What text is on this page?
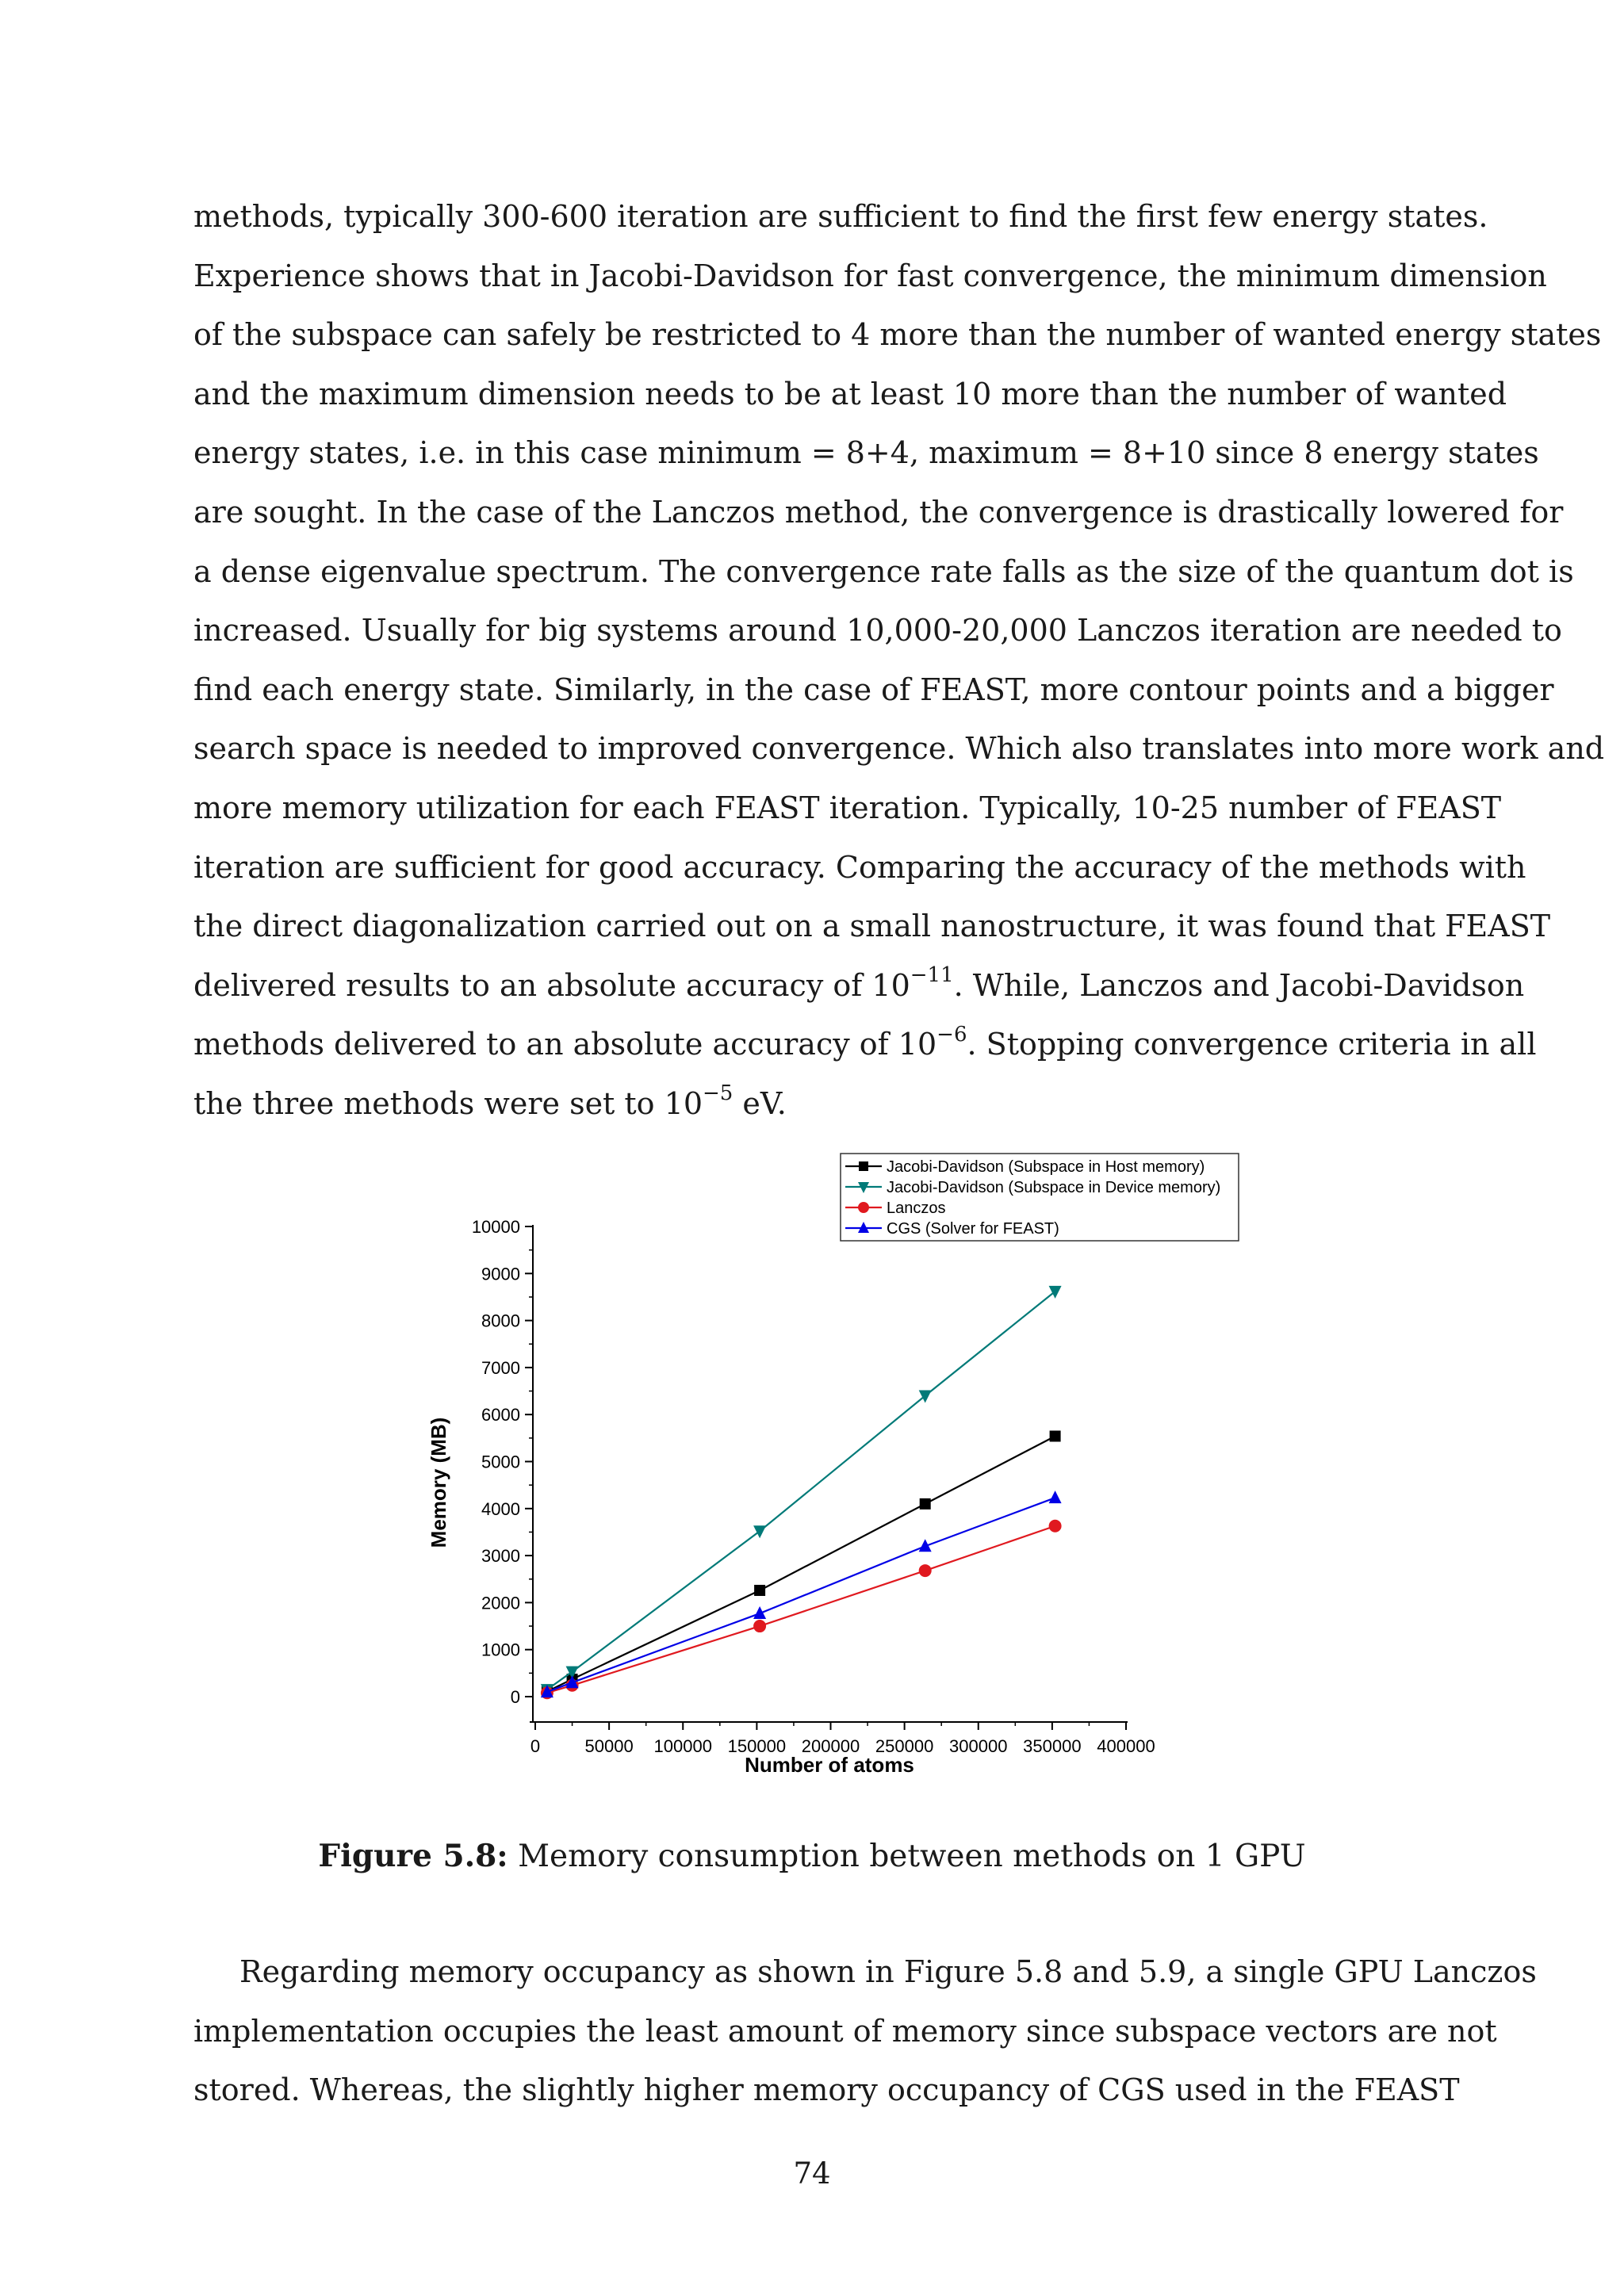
methods, typically 300-600 iteration are sufficient to find the first few energy states.
Experience shows that in Jacobi-Davidson for fast convergence, the minimum dimension
of the subspace can safely be restricted to 4 more than the number of wanted energy states
and the maximum dimension needs to be at least 10 more than the number of wanted
energy states, i.e. in this case minimum = 8+4, maximum = 8+10 since 8 energy states
are sought. In the case of the Lanczos method, the convergence is drastically lowered for
a dense eigenvalue spectrum. The convergence rate falls as the size of the quantum dot is
increased. Usually for big systems around 10,000-20,000 Lanczos iteration are needed to
find each energy state. Similarly, in the case of FEAST, more contour points and a bigger
search space is needed to improved convergence. Which also translates into more work and
more memory utilization for each FEAST iteration. Typically, 10-25 number of FEAST
iteration are sufficient for good accuracy. Comparing the accuracy of the methods with
the direct diagonalization carried out on a small nanostructure, it was found that FEAST
delivered results to an absolute accuracy of $10^{-11}$. While, Lanczos and Jacobi-Davidson
methods delivered to an absolute accuracy of $10^{-6}$. Stopping convergence criteria in all
the three methods were set to $10^{-5}$ eV.
0
1000
2000
3000
4000
5000
6000
7000
8000
9000
10000
0	50000 100000 150000 200000 250000 300000 350000 400000
Jacobi-Davidson (Subspace in Host memory)
Jacobi-Davidson (Subspace in Device memory)
Lanczos
CGS (Solver for FEAST)
Memory (MB)
Number of atoms
Figure 5.8: Memory consumption between methods on 1 GPU
Regarding memory occupancy as shown in Figure 5.8 and 5.9, a single GPU Lanczos
implementation occupies the least amount of memory since subspace vectors are not
stored. Whereas, the slightly higher memory occupancy of CGS used in the FEAST
74
